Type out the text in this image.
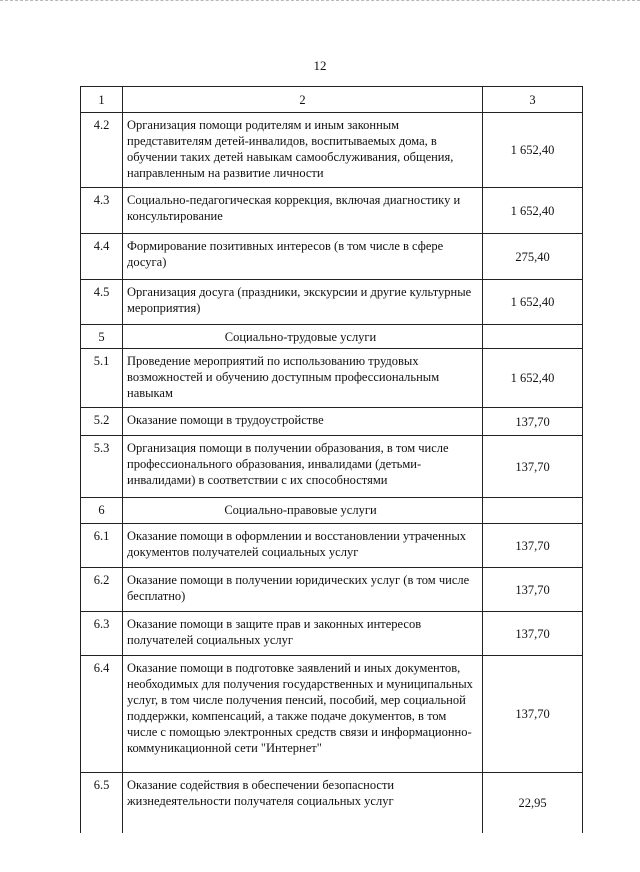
12
1	2	3
4.2	Организация помощи родителям и иным законным представителям детей-инвалидов, воспитываемых дома, в обучении таких детей навыкам самообслуживания, общения, направленным на развитие личности	1 652,40
4.3	Социально-педагогическая коррекция, включая диагностику и консультирование	1 652,40
4.4	Формирование позитивных интересов (в том числе в сфере досуга)	275,40
4.5	Организация досуга (праздники, экскурсии и другие культурные мероприятия)	1 652,40
5	Социально-трудовые услуги	
5.1	Проведение мероприятий по использованию трудовых возможностей и обучению доступным профессиональным навыкам	1 652,40
5.2	Оказание помощи в трудоустройстве	137,70
5.3	Организация помощи в получении образования, в том числе профессионального образования, инвалидами (детьми-инвалидами) в соответствии с их способностями	137,70
6	Социально-правовые услуги	
6.1	Оказание помощи в оформлении и восстановлении утраченных документов получателей социальных услуг	137,70
6.2	Оказание помощи в получении юридических услуг (в том числе бесплатно)	137,70
6.3	Оказание помощи в защите прав и законных интересов получателей социальных услуг	137,70
6.4	Оказание помощи в подготовке заявлений и иных документов, необходимых для получения государственных и муниципальных услуг, в том числе получения пенсий, пособий, мер социальной поддержки, компенсаций, а также подаче документов, в том числе с помощью электронных средств связи и информационно-коммуникационной сети "Интернет"	137,70
6.5	Оказание содействия в обеспечении безопасности жизнедеятельности получателя социальных услуг	22,95
